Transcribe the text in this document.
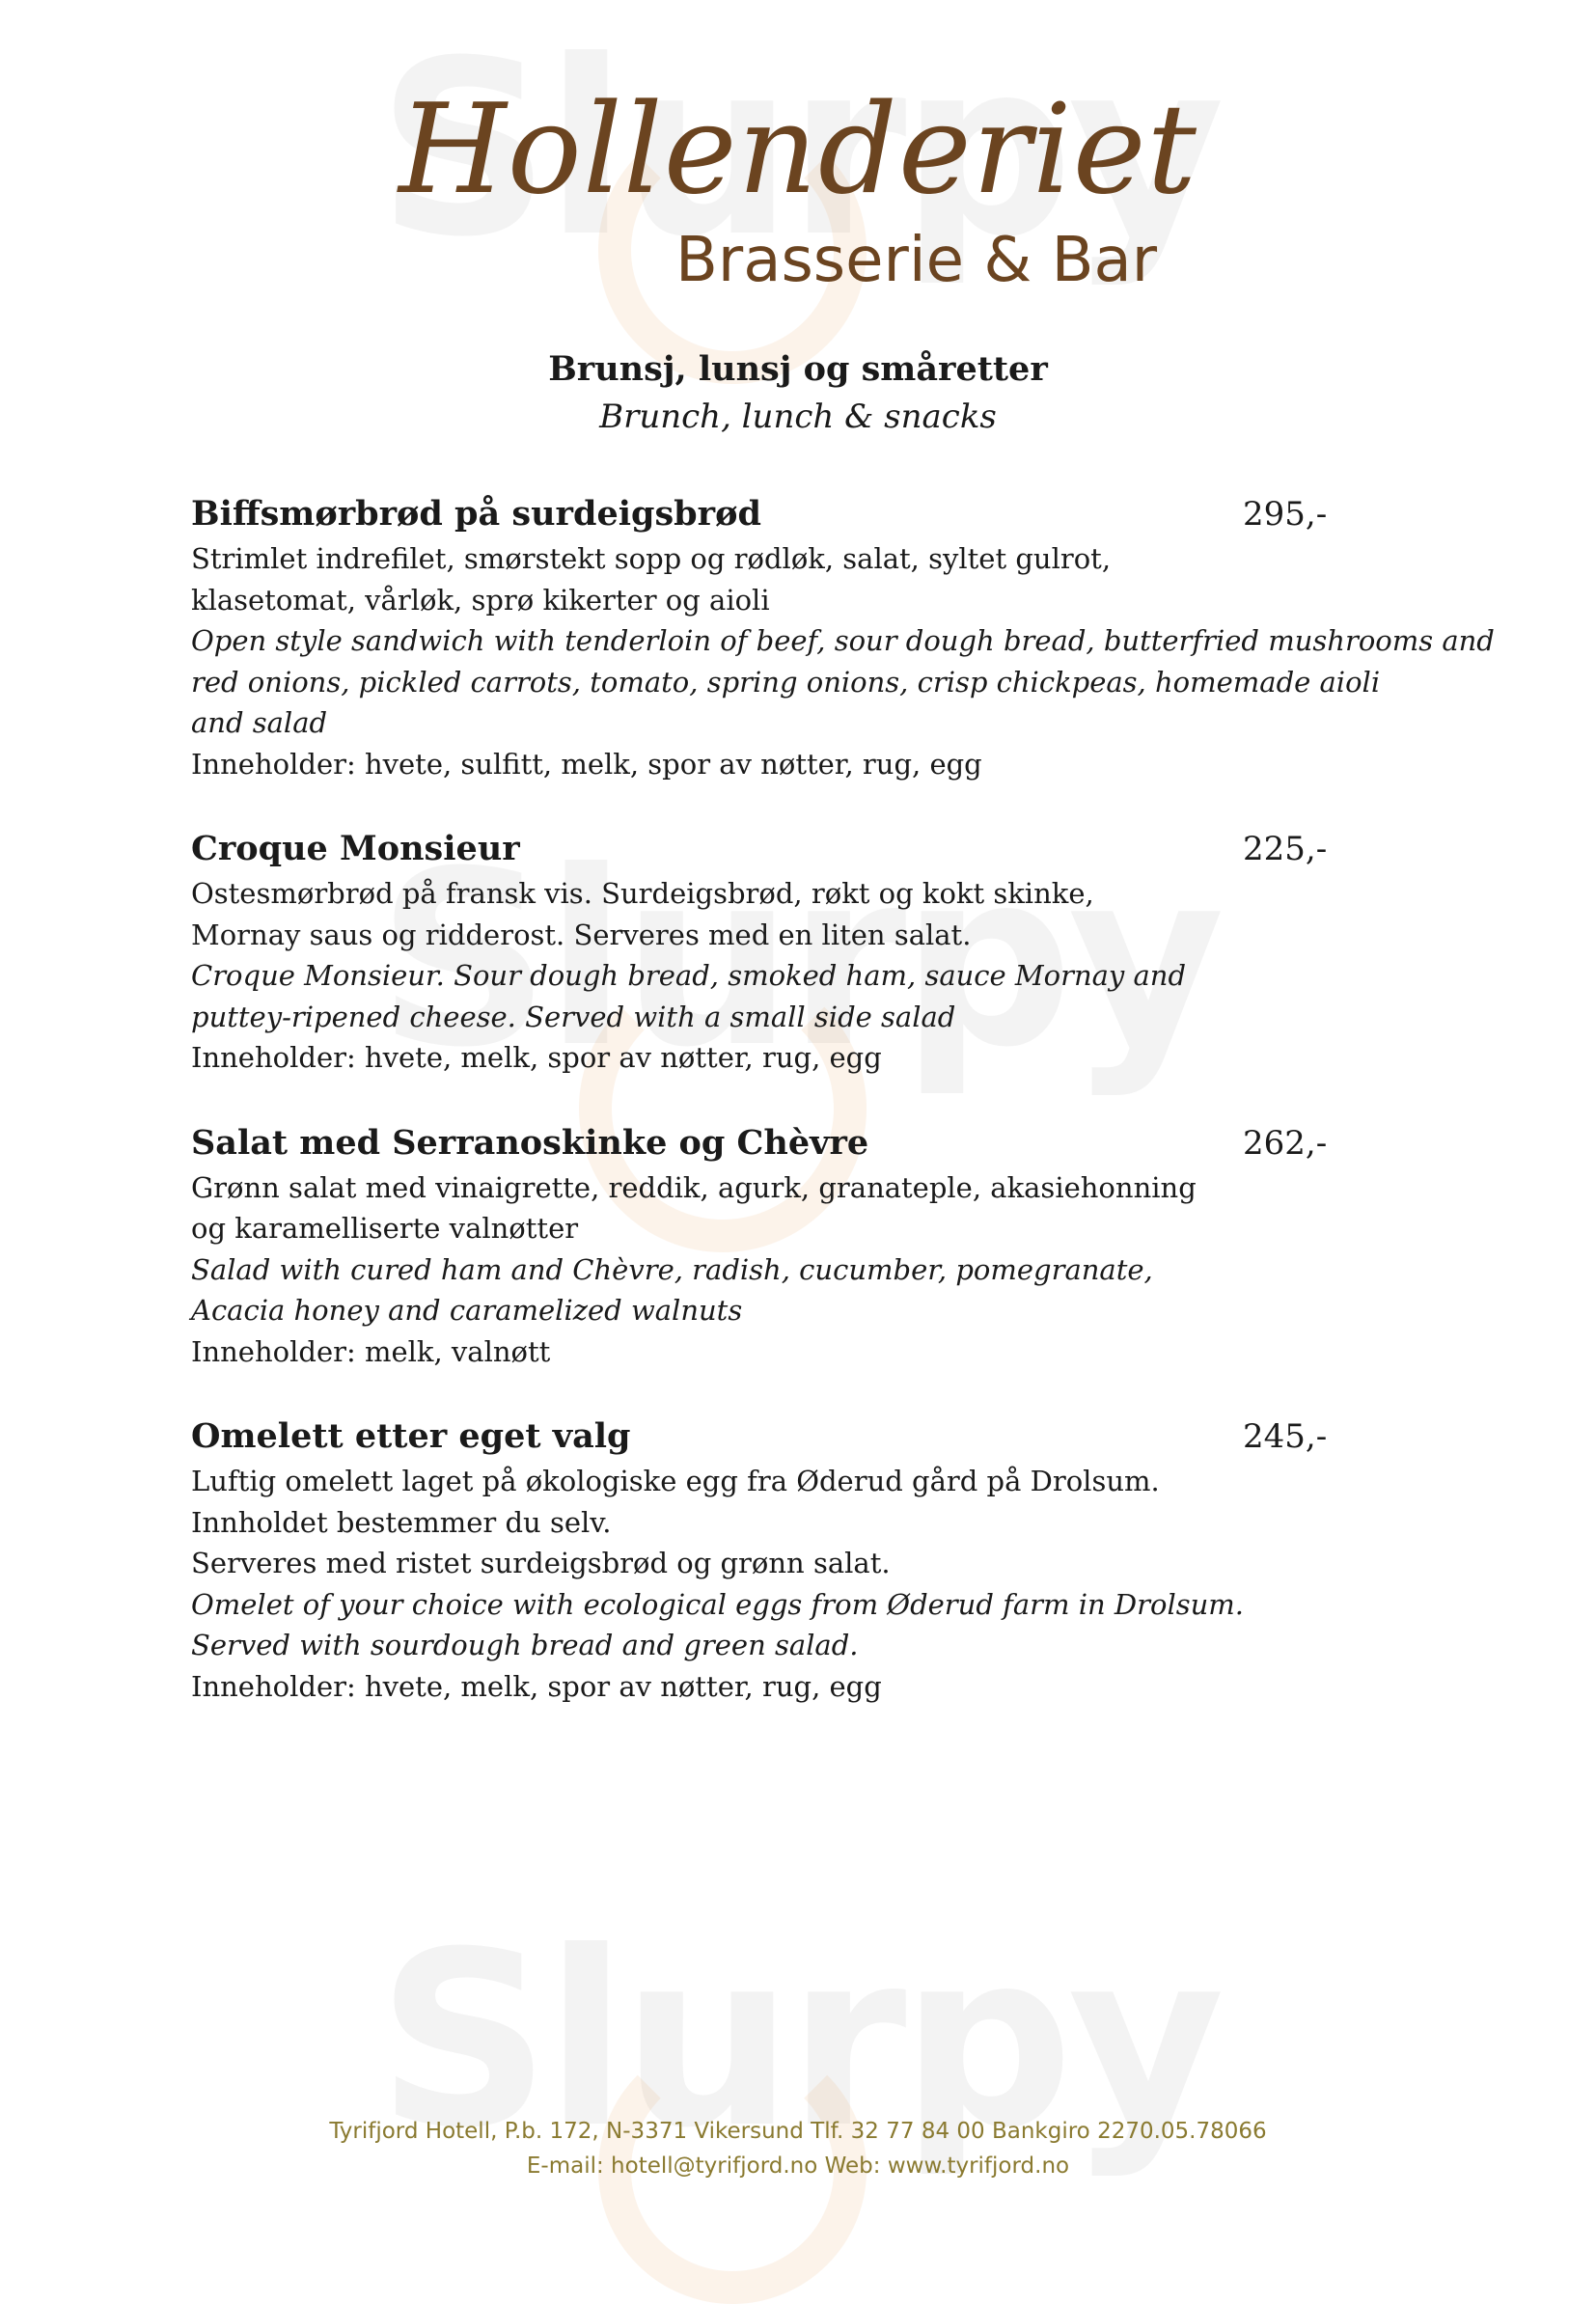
Hollenderiet
Brasserie & Bar
Brunsj, lunsj og småretter
Brunch, lunch & snacks
Biffsmørbrød på surdeigsbrød	295,-
Strimlet indrefilet, smørstekt sopp og rødløk, salat, syltet gulrot,
klasetomat, vårløk, sprø kikerter og aioli
Open style sandwich with tenderloin of beef, sour dough bread, butterfried mushrooms and
red onions, pickled carrots, tomato, spring onions, crisp chickpeas, homemade aioli
and salad
Inneholder: hvete, sulfitt, melk, spor av nøtter, rug, egg
Croque Monsieur	225,-
Ostesmørbrød på fransk vis. Surdeigsbrød, røkt og kokt skinke,
Mornay saus og ridderost. Serveres med en liten salat.
Croque Monsieur. Sour dough bread, smoked ham, sauce Mornay and
puttey-ripened cheese. Served with a small side salad
Inneholder: hvete, melk, spor av nøtter, rug, egg
Salat med Serranoskinke og Chèvre	262,-
Grønn salat med vinaigrette, reddik, agurk, granateple, akasiehonning
og karamelliserte valnøtter
Salad with cured ham and Chèvre, radish, cucumber, pomegranate,
Acacia honey and caramelized walnuts
Inneholder: melk, valnøtt
Omelett etter eget valg	245,-
Luftig omelett laget på økologiske egg fra Øderud gård på Drolsum.
Innholdet bestemmer du selv.
Serveres med ristet surdeigsbrød og grønn salat.
Omelet of your choice with ecological eggs from Øderud farm in Drolsum.
Served with sourdough bread and green salad.
Inneholder: hvete, melk, spor av nøtter, rug, egg
Tyrifjord Hotell, P.b. 172, N-3371 Vikersund Tlf. 32 77 84 00 Bankgiro 2270.05.78066
E-mail: hotell@tyrifjord.no Web: www.tyrifjord.no
